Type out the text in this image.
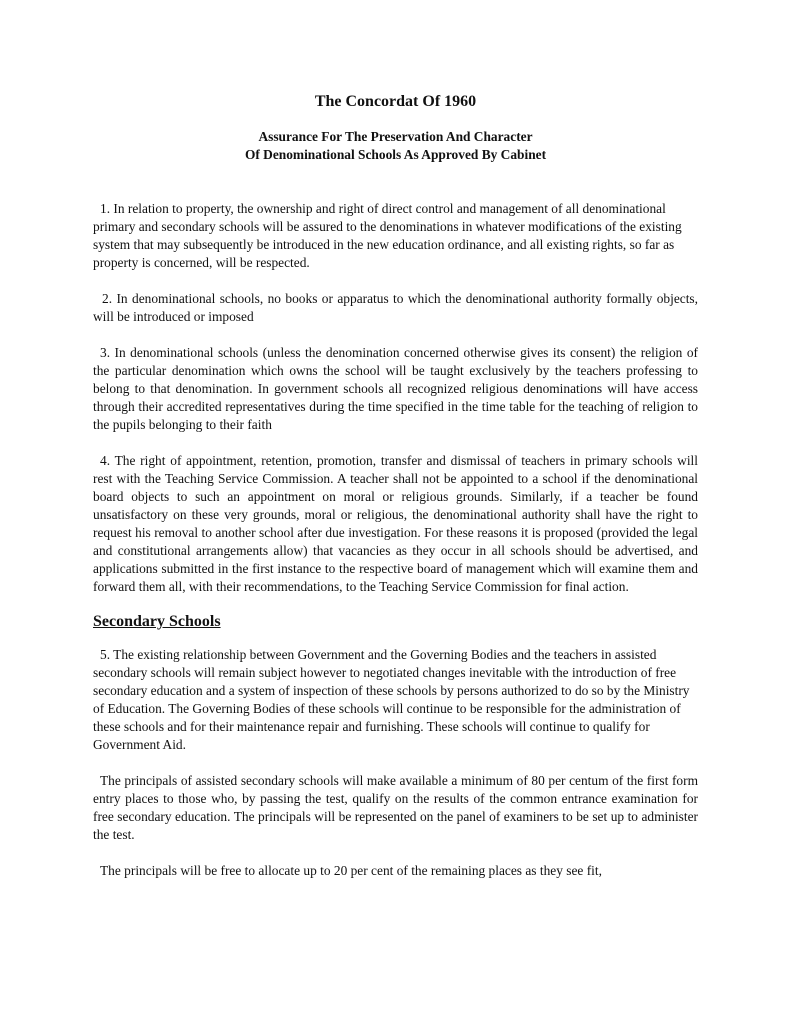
The Concordat Of 1960
Assurance For The Preservation And Character
Of Denominational Schools As Approved By Cabinet

1. In relation to property, the ownership and right of direct control and management of all denominational primary and secondary schools will be assured to the denominations in whatever modifications of the existing system that may subsequently be introduced in the new education ordinance, and all existing rights, so far as property is concerned, will be respected.

2. In denominational schools, no books or apparatus to which the denominational authority formally objects, will be introduced or imposed

3. In denominational schools (unless the denomination concerned otherwise gives its consent) the religion of the particular denomination which owns the school will be taught exclusively by the teachers professing to belong to that denomination. In government schools all recognized religious denominations will have access through their accredited representatives during the time specified in the time table for the teaching of religion to the pupils belonging to their faith

4. The right of appointment, retention, promotion, transfer and dismissal of teachers in primary schools will rest with the Teaching Service Commission. A teacher shall not be appointed to a school if the denominational board objects to such an appointment on moral or religious grounds. Similarly, if a teacher be found unsatisfactory on these very grounds, moral or religious, the denominational authority shall have the right to request his removal to another school after due investigation. For these reasons it is proposed (provided the legal and constitutional arrangements allow) that vacancies as they occur in all schools should be advertised, and applications submitted in the first instance to the respective board of management which will examine them and forward them all, with their recommendations, to the Teaching Service Commission for final action.

Secondary Schools

5. The existing relationship between Government and the Governing Bodies and the teachers in assisted secondary schools will remain subject however to negotiated changes inevitable with the introduction of free secondary education and a system of inspection of these schools by persons authorized to do so by the Ministry of Education. The Governing Bodies of these schools will continue to be responsible for the administration of these schools and for their maintenance repair and furnishing. These schools will continue to qualify for Government Aid.

The principals of assisted secondary schools will make available a minimum of 80 per centum of the first form entry places to those who, by passing the test, qualify on the results of the common entrance examination for free secondary education. The principals will be represented on the panel of examiners to be set up to administer the test.

The principals will be free to allocate up to 20 per cent of the remaining places as they see fit,
